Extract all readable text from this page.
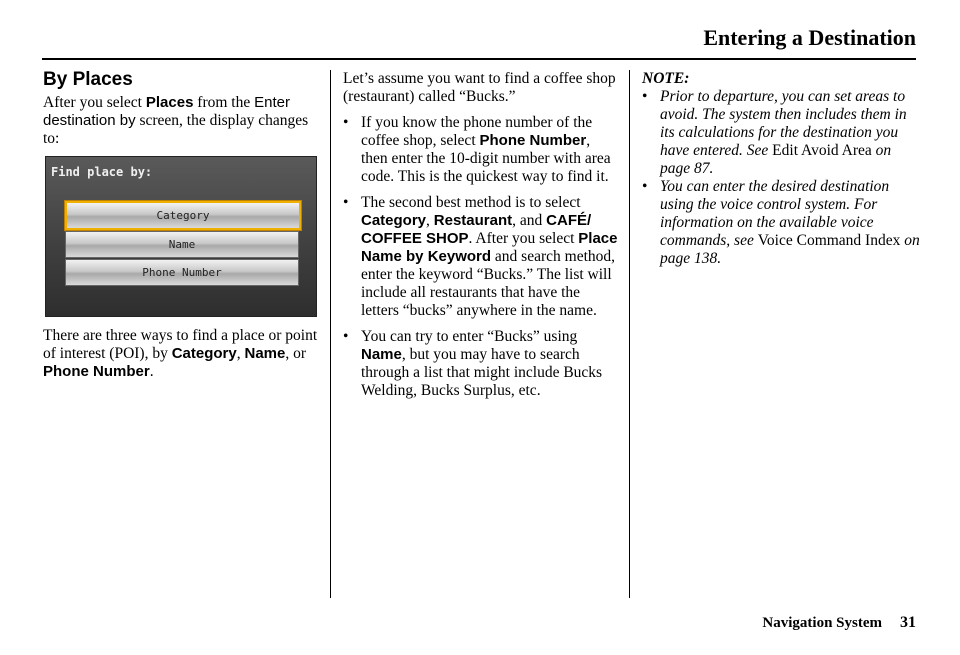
Entering a Destination
By Places

After you select Places from the Enter destination by screen, the display changes to:

Find place by:
Category
Name
Phone Number

There are three ways to find a place or point of interest (POI), by Category, Name, or Phone Number.

Let’s assume you want to find a coffee shop (restaurant) called “Bucks.”

• If you know the phone number of the coffee shop, select Phone Number, then enter the 10-digit number with area code. This is the quickest way to find it.
• The second best method is to select Category, Restaurant, and CAFÉ/ COFFEE SHOP. After you select Place Name by Keyword and search method, enter the keyword “Bucks.” The list will include all restaurants that have the letters “bucks” anywhere in the name.
• You can try to enter “Bucks” using Name, but you may have to search through a list that might include Bucks Welding, Bucks Surplus, etc.

NOTE:

• Prior to departure, you can set areas to avoid. The system then includes them in its calculations for the destination you have entered. See Edit Avoid Area on page 87.
• You can enter the desired destination using the voice control system. For information on the available voice commands, see Voice Command Index on page 138.
Navigation System 31
